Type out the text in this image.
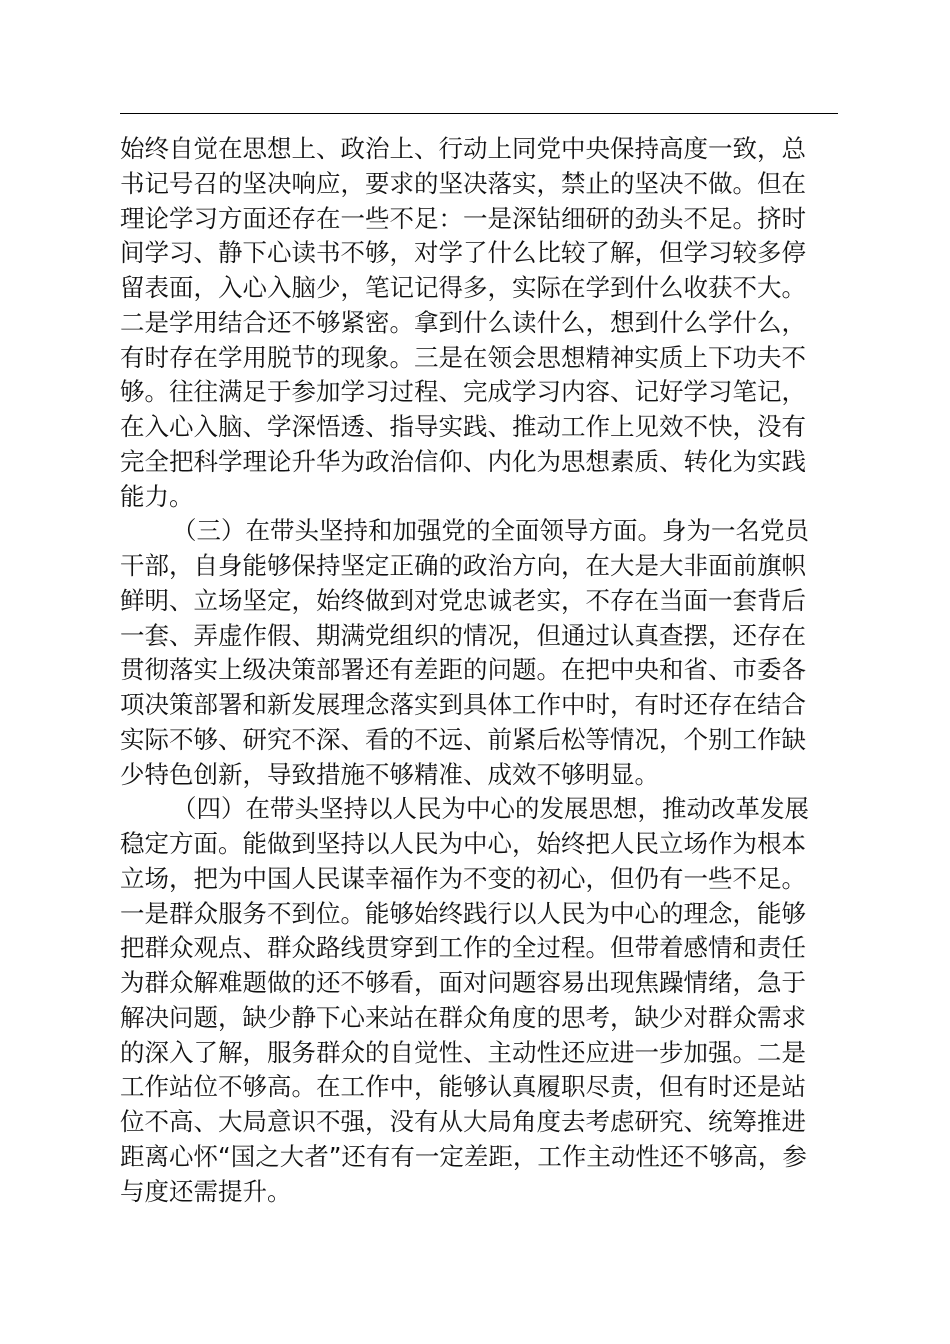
始终自觉在思想上、政治上、行动上同党中央保持高度一致，总
书记号召的坚决响应，要求的坚决落实，禁止的坚决不做。但在
理论学习方面还存在一些不足：一是深钻细研的劲头不足。挤时
间学习、静下心读书不够，对学了什么比较了解，但学习较多停
留表面，入心入脑少，笔记记得多，实际在学到什么收获不大。
二是学用结合还不够紧密。拿到什么读什么，想到什么学什么，
有时存在学用脱节的现象。三是在领会思想精神实质上下功夫不
够。往往满足于参加学习过程、完成学习内容、记好学习笔记，
在入心入脑、学深悟透、指导实践、推动工作上见效不快，没有
完全把科学理论升华为政治信仰、内化为思想素质、转化为实践
能力。
（三）在带头坚持和加强党的全面领导方面。身为一名党员
干部，自身能够保持坚定正确的政治方向，在大是大非面前旗帜
鲜明、立场坚定，始终做到对党忠诚老实，不存在当面一套背后
一套、弄虚作假、期满党组织的情况，但通过认真查摆，还存在
贯彻落实上级决策部署还有差距的问题。在把中央和省、市委各
项决策部署和新发展理念落实到具体工作中时，有时还存在结合
实际不够、研究不深、看的不远、前紧后松等情况，个别工作缺
少特色创新，导致措施不够精准、成效不够明显。
（四）在带头坚持以人民为中心的发展思想，推动改革发展
稳定方面。能做到坚持以人民为中心，始终把人民立场作为根本
立场，把为中国人民谋幸福作为不变的初心，但仍有一些不足。
一是群众服务不到位。能够始终践行以人民为中心的理念，能够
把群众观点、群众路线贯穿到工作的全过程。但带着感情和责任
为群众解难题做的还不够看，面对问题容易出现焦躁情绪，急于
解决问题，缺少静下心来站在群众角度的思考，缺少对群众需求
的深入了解，服务群众的自觉性、主动性还应进一步加强。二是
工作站位不够高。在工作中，能够认真履职尽责，但有时还是站
位不高、大局意识不强，没有从大局角度去考虑研究、统筹推进
距离心怀“国之大者”还有有一定差距，工作主动性还不够高，参
与度还需提升。
